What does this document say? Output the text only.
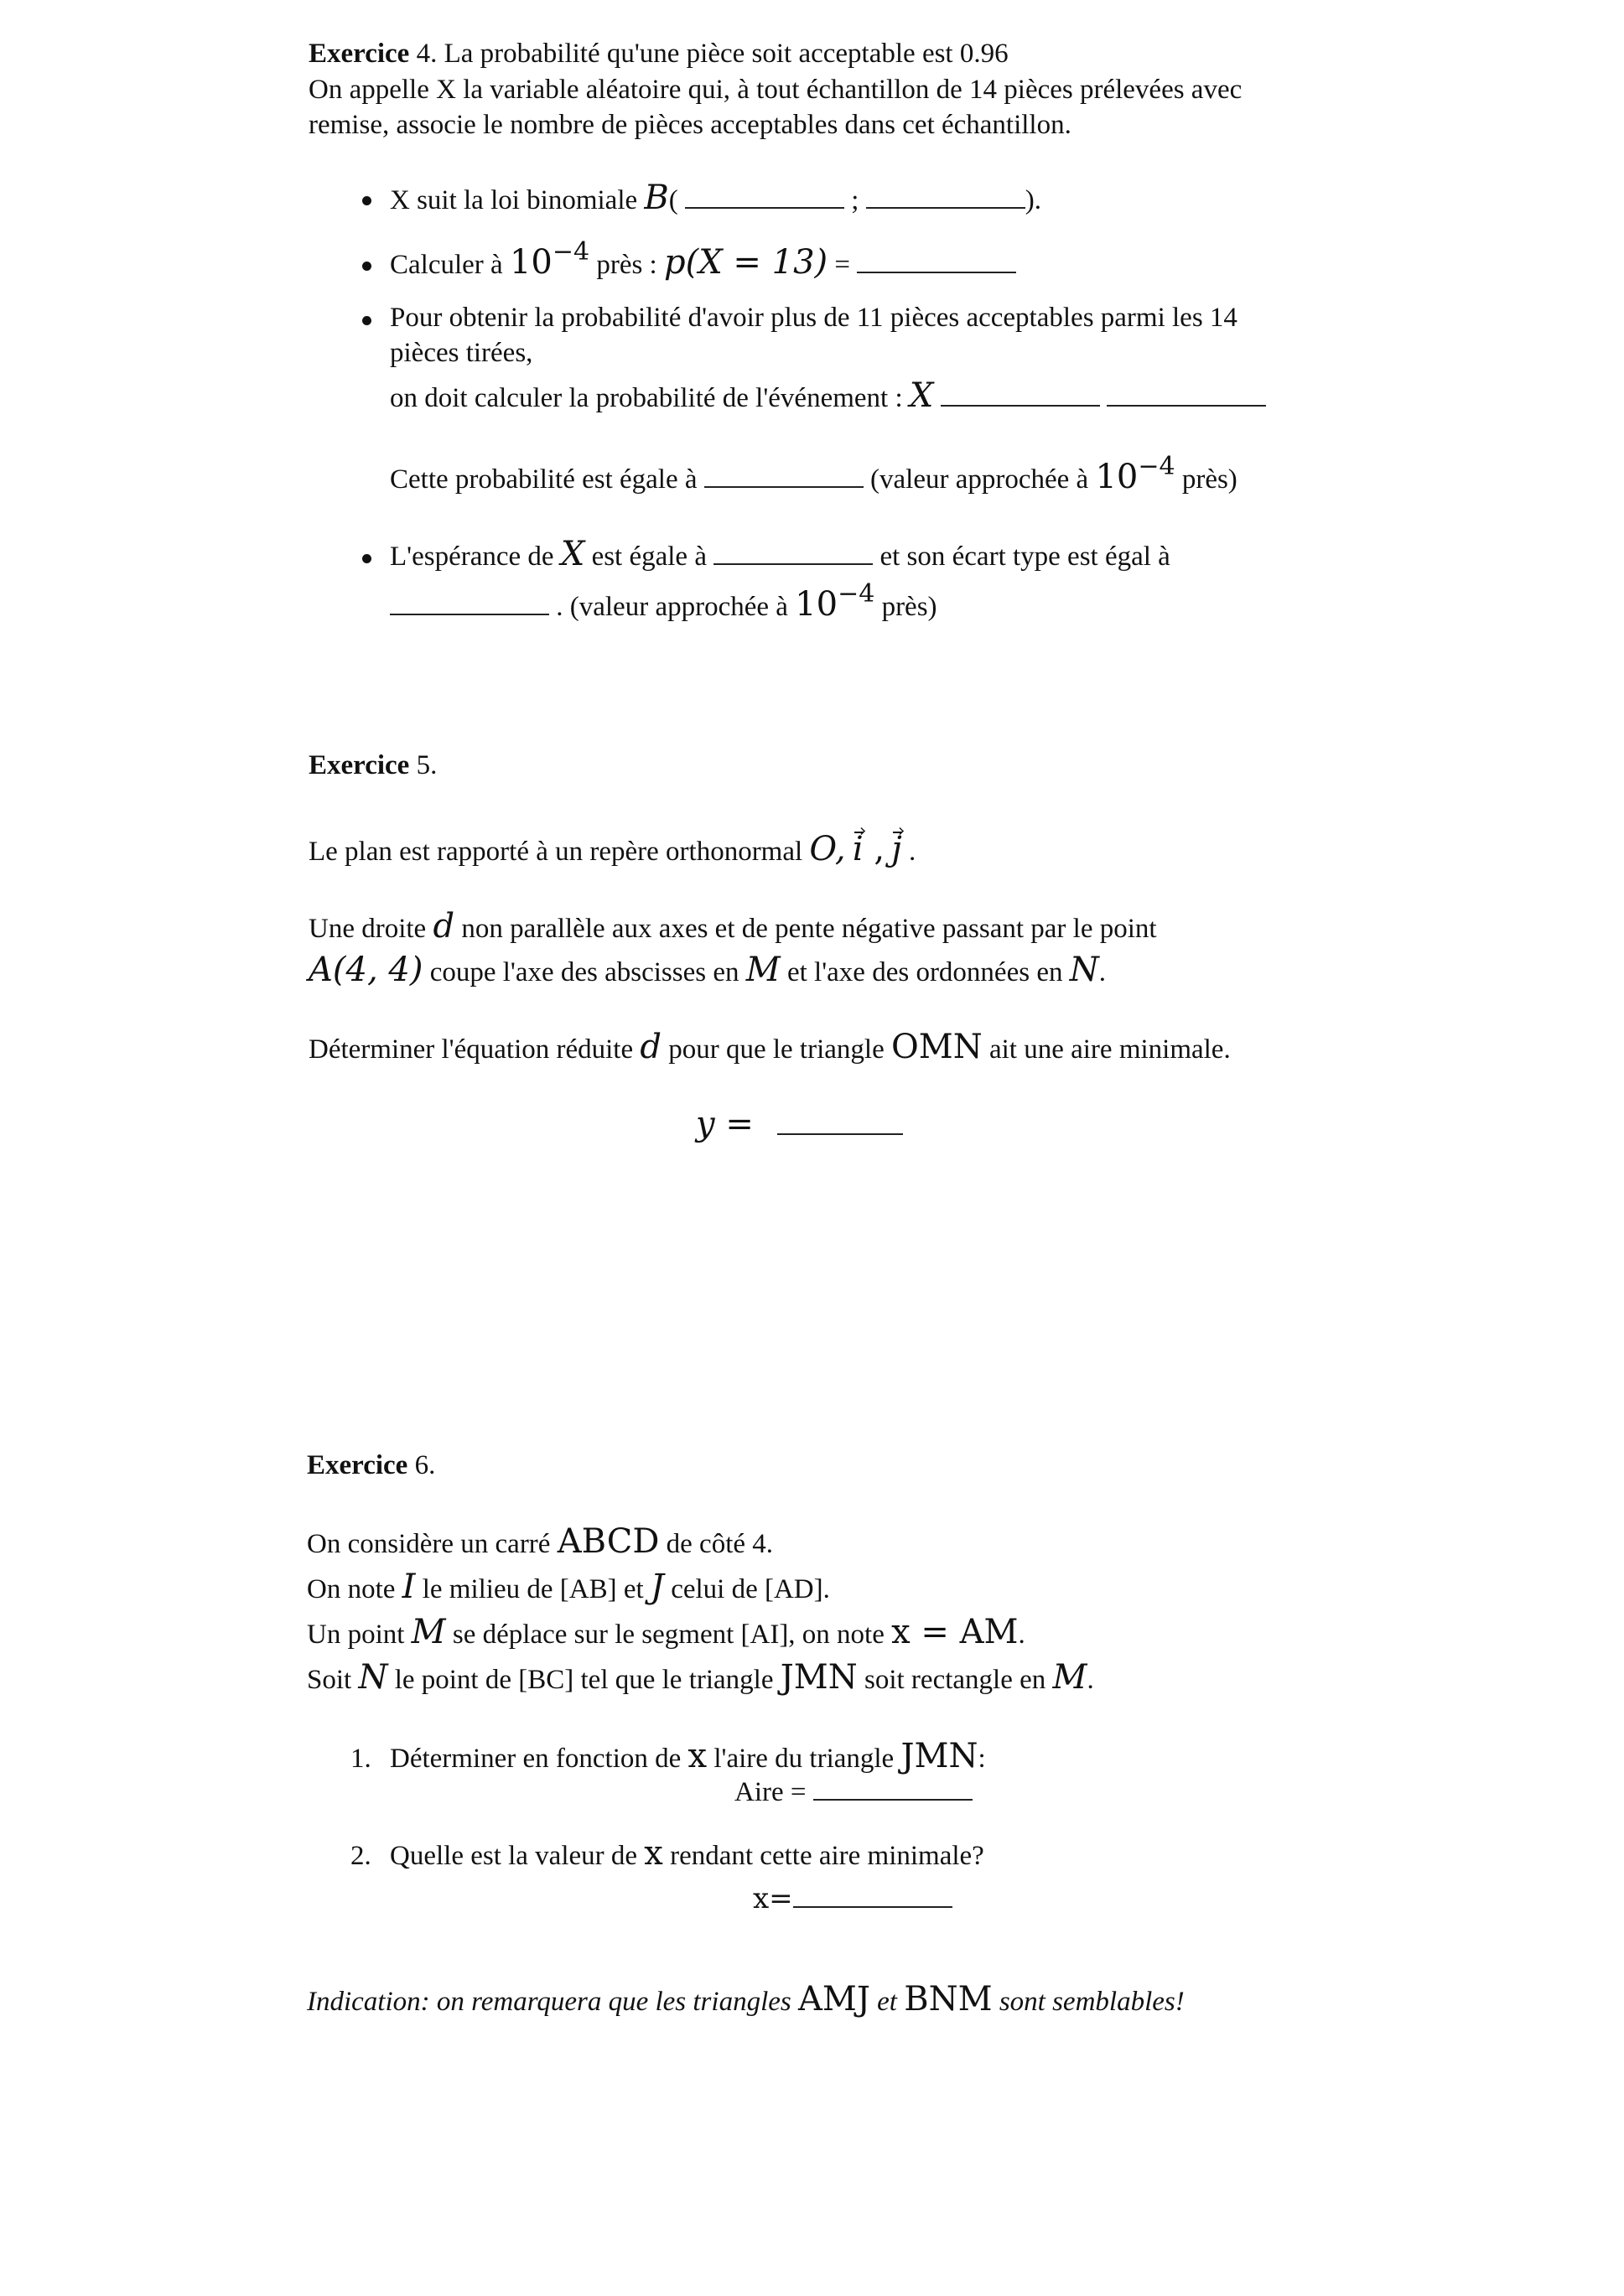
Exercice 4. La probabilité qu'une pièce soit acceptable est 0.96
On appelle X la variable aléatoire qui, à tout échantillon de 14 pièces prélevées avec
remise, associe le nombre de pièces acceptables dans cet échantillon.
X suit la loi binomiale B(	;	).
Calculer à 10−4 près : p(X = 13) =
Pour obtenir la probabilité d'avoir plus de 11 pièces acceptables parmi les 14
pièces tirées,
on doit calculer la probabilité de l'événement : X
Cette probabilité est égale à	(valeur approchée à 10−4 près)
L'espérance de X est égale à	et son écart type est égal à
. (valeur approchée à 10−4 près)
Exercice 5.
Le plan est rapporté à un repère orthonormal O, i , j .
Une droite d non parallèle aux axes et de pente négative passant par le point
A(4, 4) coupe l'axe des abscisses en M et l'axe des ordonnées en N.
Déterminer l'équation réduite d pour que le triangle OMN ait une aire minimale.
y =
Exercice 6.
On considère un carré ABCD de côté 4.
On note I le milieu de [AB] et J celui de [AD].
Un point M se déplace sur le segment [AI], on note x = AM.
Soit N le point de [BC] tel que le triangle JMN soit rectangle en M.
1. Déterminer en fonction de x l'aire du triangle JMN:
Aire =
2. Quelle est la valeur de x rendant cette aire minimale?
x=
Indication: on remarquera que les triangles AMJ et BNM sont semblables!
